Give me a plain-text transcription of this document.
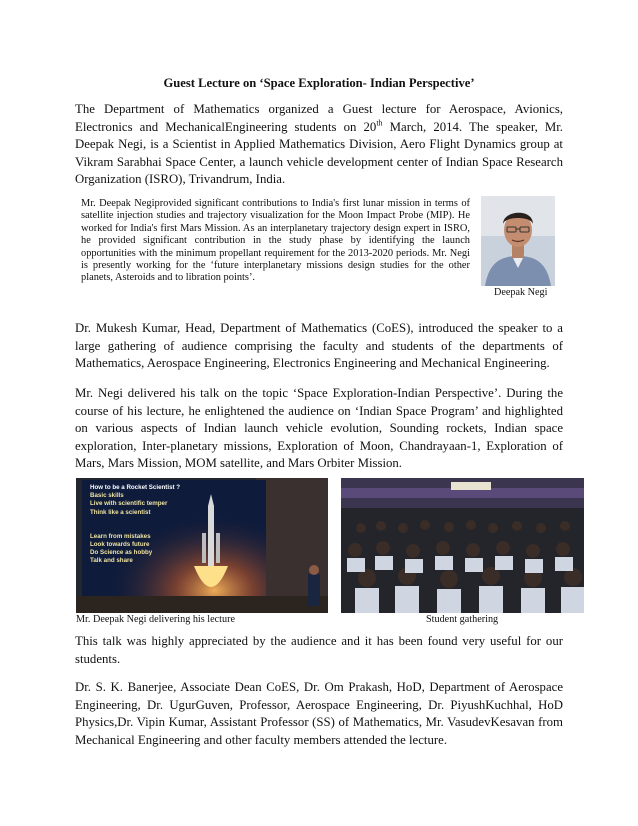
Guest Lecture on ‘Space Exploration- Indian Perspective’
The Department of Mathematics organized a Guest lecture for Aerospace, Avionics, Electronics and MechanicalEngineering students on 20th March, 2014. The speaker, Mr. Deepak Negi, is a Scientist in Applied Mathematics Division, Aero Flight Dynamics group at Vikram Sarabhai Space Center, a launch vehicle development center of Indian Space Research Organization (ISRO), Trivandrum, India.
Mr. Deepak Negiprovided significant contributions to India's first lunar mission in terms of satellite injection studies and trajectory visualization for the Moon Impact Probe (MIP). He worked for India's first Mars Mission. As an interplanetary trajectory design expert in ISRO, he provided significant contribution in the study phase by identifying the launch opportunities with the minimum propellant requirement for the 2013-2020 periods. Mr. Negi is presently working for the ‘future interplanetary missions design studies for the other planets, Asteroids and to libration points’.
Deepak Negi
Dr. Mukesh Kumar, Head, Department of Mathematics (CoES), introduced the speaker to a large gathering of audience comprising the faculty and students of the departments of Mathematics, Aerospace Engineering, Electronics Engineering and Mechanical Engineering.
Mr. Negi delivered his talk on the topic ‘Space Exploration-Indian Perspective’. During the course of his lecture, he enlightened the audience on ‘Indian Space Program’ and highlighted on various aspects of Indian launch vehicle evolution, Sounding rockets, Indian space exploration, Inter-planetary missions, Exploration of Moon, Chandrayaan-1, Exploration of Mars, Mars Mission, MOM satellite, and Mars Orbiter Mission.
How to be a Rocket Scientist ?
Basic skills
Live with scientific temper
Think like a scientist
Learn from mistakes
Look towards future
Do Science as hobby
Talk and share
Mr. Deepak Negi delivering his lecture	Student gathering
This talk was highly appreciated by the audience and it has been found very useful for our students.
Dr. S. K. Banerjee, Associate Dean CoES, Dr. Om Prakash, HoD, Department of Aerospace Engineering, Dr. UgurGuven, Professor, Aerospace Engineering, Dr. PiyushKuchhal, HoD Physics,Dr. Vipin Kumar, Assistant Professor (SS) of Mathematics, Mr. VasudevKesavan from Mechanical Engineering and other faculty members attended the lecture.
